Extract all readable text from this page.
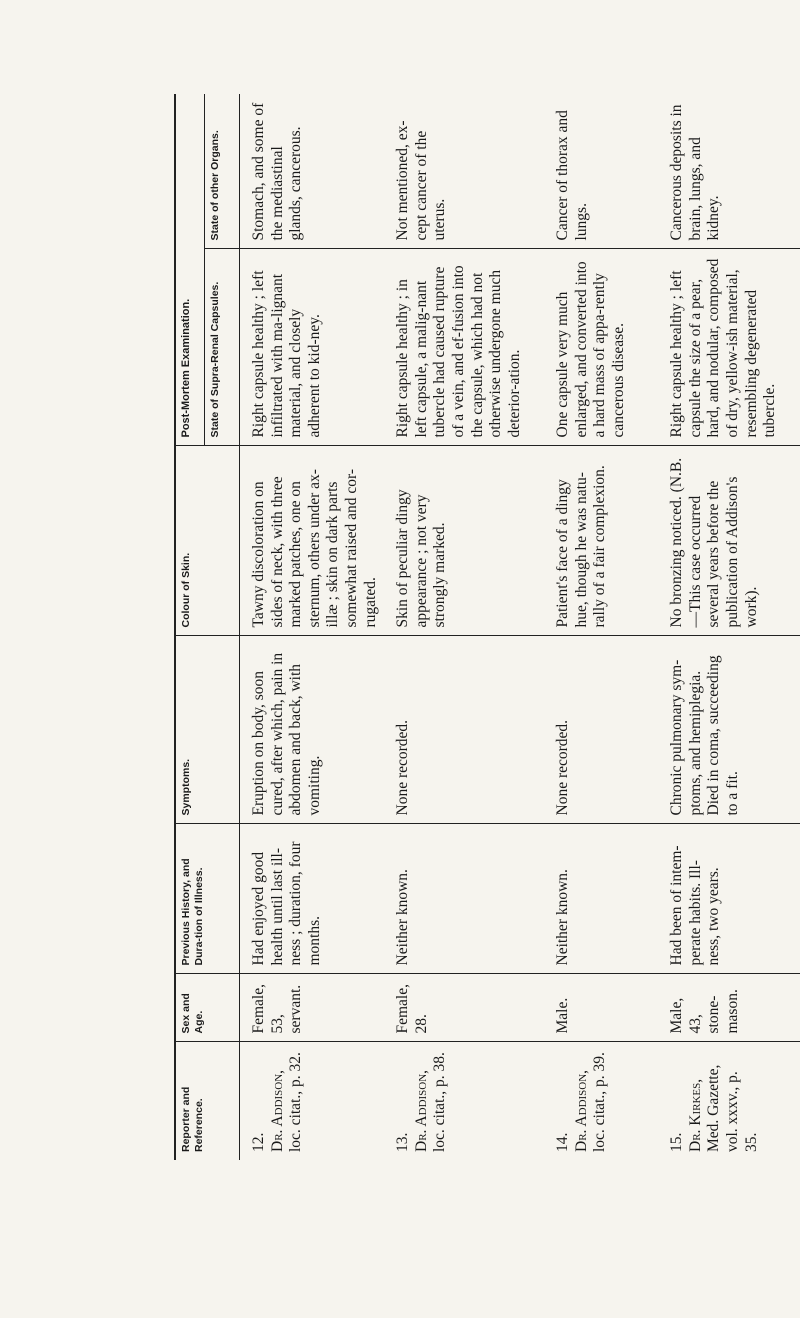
Reporter and Reference.	Sex and Age.	Previous History, and Dura-tion of Illness.	Symptoms.	Colour of Skin.	Post-Mortem Examination.	
					State of Supra-Renal Capsules.	State of other Organs.

12. Dr. Addison, loc. citat., p. 32.	Female, 53, servant.	Had enjoyed good health until last ill-ness ; duration, four months.	Eruption on body, soon cured, after which, pain in abdomen and back, with vomiting.	Tawny discoloration on sides of neck, with three marked patches, one on sternum, others under ax-illæ ; skin on dark parts somewhat raised and cor-rugated.	Right capsule healthy ; left infiltrated with ma-lignant material, and closely adherent to kid-ney.	Stomach, and some of the mediastinal glands, cancerous.

13. Dr. Addison, loc. citat., p. 38.	Female, 28.	Neither known.	None recorded.	Skin of peculiar dingy appearance ; not very strongly marked.	Right capsule healthy ; in left capsule, a malig-nant tubercle had caused rupture of a vein, and ef-fusion into the capsule, which had not otherwise undergone much deterior-ation.	Not mentioned, ex-cept cancer of the uterus.

14. Dr. Addison, loc. citat., p. 39.	Male.	Neither known.	None recorded.	Patient's face of a dingy hue, though he was natu-rally of a fair complexion.	One capsule very much enlarged, and converted into a hard mass of appa-rently cancerous disease.	Cancer of thorax and lungs.

15. Dr. Kirkes, Med. Gazette, vol. xxxv., p. 35.	Male, 43, stone-mason.	Had been of intem-perate habits. Ill-ness, two years.	Chronic pulmonary sym-ptoms, and hemiplegia. Died in coma, succeeding to a fit.	No bronzing noticed. (N.B.—This case occurred several years before the publication of Addison's work).	Right capsule healthy ; left capsule the size of a pear, hard, and nodular, composed of dry, yellow-ish material, resembling degenerated tubercle.	Cancerous deposits in brain, lungs, and kidney.
